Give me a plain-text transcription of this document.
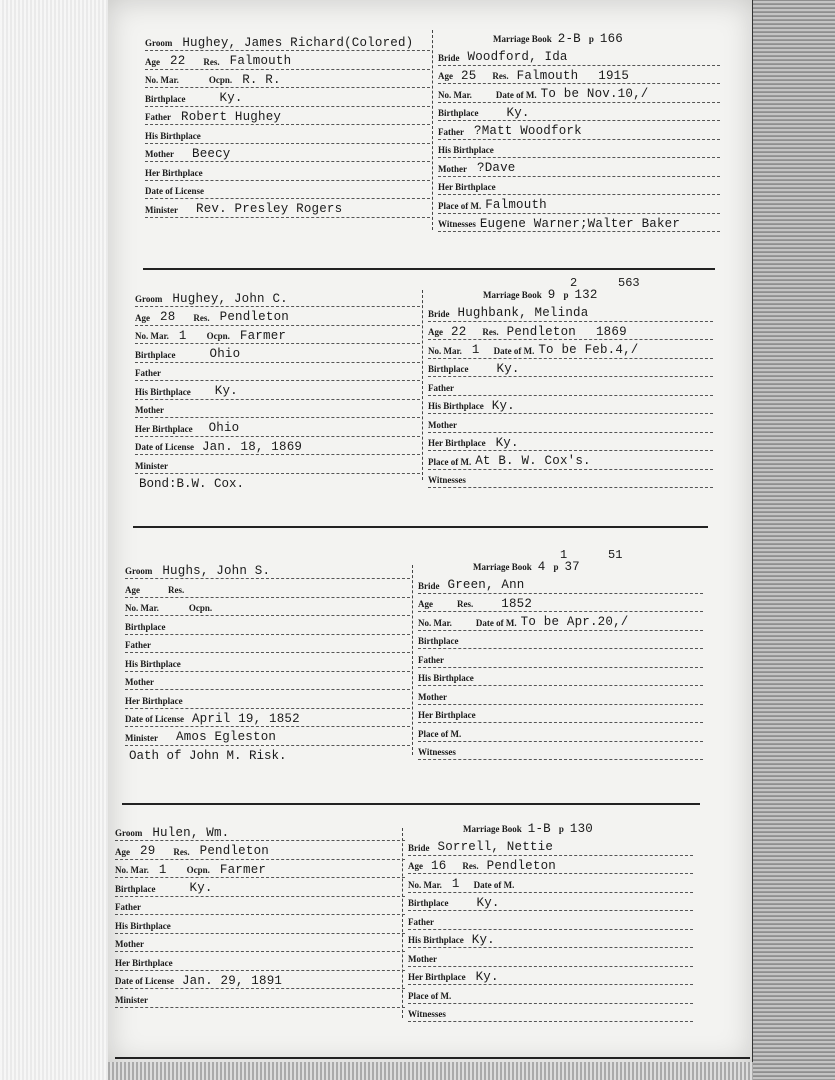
Groom Hughey, James Richard(Colored)
Age 22 Res. Falmouth
No. Mar.	Ocpn. R. R.
Birthplace	Ky.
Father Robert Hughey
His Birthplace
Mother Beecy
Her Birthplace
Date of License
Minister Rev. Presley Rogers
Marriage Book 2-B p 166
Bride Woodford, Ida
Age 25 Res. Falmouth 1915
No. Mar.	Date of M. To be Nov.10,/
Birthplace Ky.
Father ?Matt Woodfork
His Birthplace
Mother ?Dave
Her Birthplace
Place of M. Falmouth
Witnesses Eugene Warner;Walter Baker
Groom Hughey, John C.
Age 28 Res. Pendleton
No. Mar. 1 Ocpn. Farmer
Birthplace	Ohio
Father
His Birthplace Ky.
Mother
Her Birthplace Ohio
Date of License Jan. 18, 1869
Minister
Bond:B.W. Cox.
Marriage Book 9 p 132
2	563
Bride Hughbank, Melinda
Age 22 Res. Pendleton 1869
No. Mar. 1 Date of M. To be Feb.4,/
Birthplace Ky.
Father
His Birthplace Ky.
Mother
Her Birthplace Ky.
Place of M. At B. W. Cox's.
Witnesses
Groom Hughs, John S.
Age	Res.
No. Mar.	Ocpn.
Birthplace
Father
His Birthplace
Mother
Her Birthplace
Date of License April 19, 1852
Minister Amos Egleston
Oath of John M. Risk.
Marriage Book 4 p 37
1	51
Bride Green, Ann
Age	Res. 1852
No. Mar.	Date of M. To be Apr.20,/
Birthplace
Father
His Birthplace
Mother
Her Birthplace
Place of M.
Witnesses
Groom Hulen, Wm.
Age 29 Res. Pendleton
No. Mar. 1 Ocpn. Farmer
Birthplace	Ky.
Father
His Birthplace
Mother
Her Birthplace
Date of License Jan. 29, 1891
Minister
Marriage Book 1-B p 130
Bride Sorrell, Nettie
Age 16 Res. Pendleton
No. Mar. 1 Date of M.
Birthplace Ky.
Father
His Birthplace Ky.
Mother
Her Birthplace Ky.
Place of M.
Witnesses
